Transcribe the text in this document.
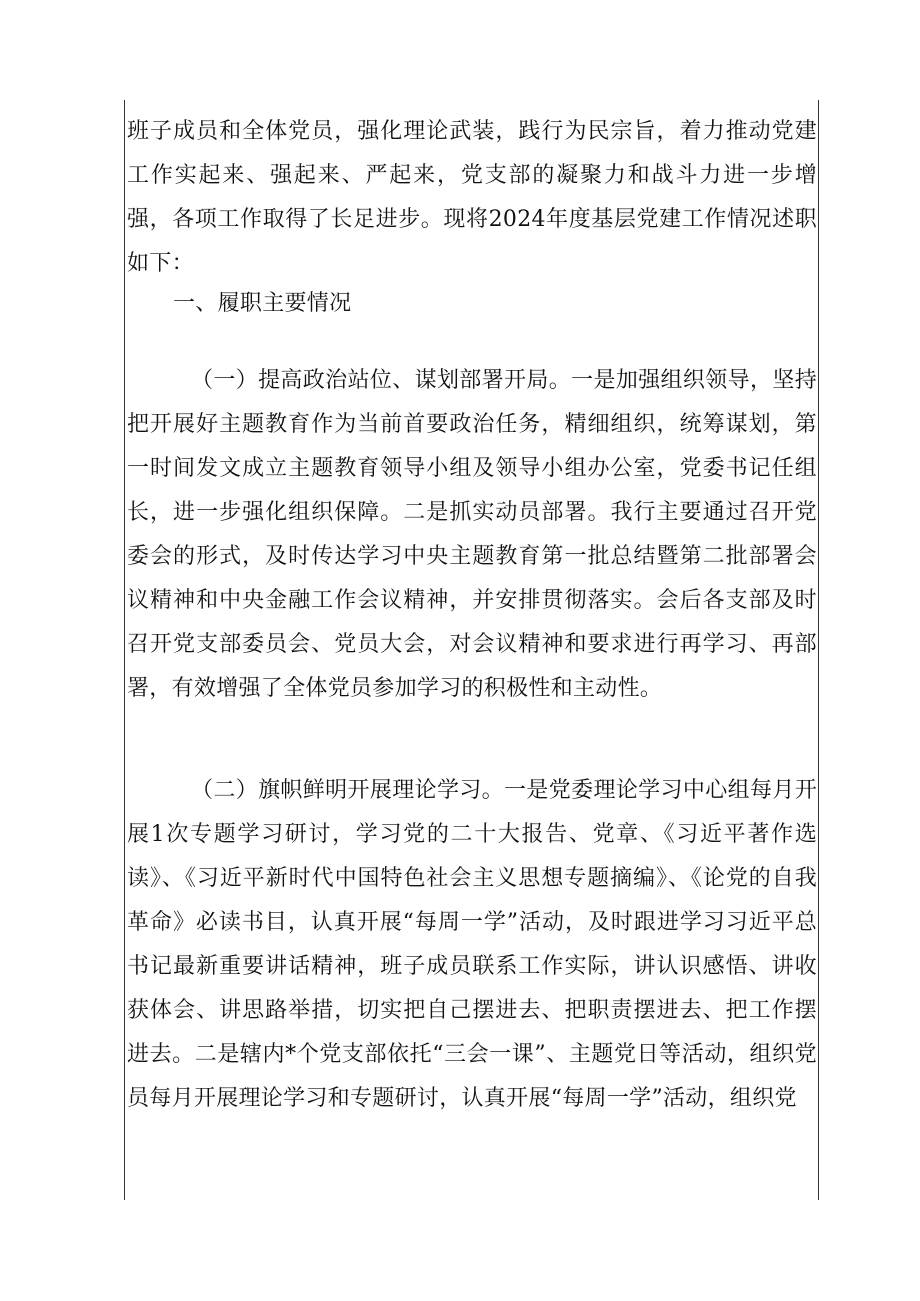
班子成员和全体党员，强化理论武装，践行为民宗旨，着力推动党建工作实起来、强起来、严起来，党支部的凝聚力和战斗力进一步增强，各项工作取得了长足进步。现将2024年度基层党建工作情况述职如下：

一、履职主要情况

（一）提高政治站位、谋划部署开局。一是加强组织领导，坚持把开展好主题教育作为当前首要政治任务，精细组织，统筹谋划，第一时间发文成立主题教育领导小组及领导小组办公室，党委书记任组长，进一步强化组织保障。二是抓实动员部署。我行主要通过召开党委会的形式，及时传达学习中央主题教育第一批总结暨第二批部署会议精神和中央金融工作会议精神，并安排贯彻落实。会后各支部及时召开党支部委员会、党员大会，对会议精神和要求进行再学习、再部署，有效增强了全体党员参加学习的积极性和主动性。

（二）旗帜鲜明开展理论学习。一是党委理论学习中心组每月开展1次专题学习研讨，学习党的二十大报告、党章、《习近平著作选读》、《习近平新时代中国特色社会主义思想专题摘编》、《论党的自我革命》必读书目，认真开展“每周一学”活动，及时跟进学习习近平总书记最新重要讲话精神，班子成员联系工作实际，讲认识感悟、讲收获体会、讲思路举措，切实把自己摆进去、把职责摆进去、把工作摆进去。二是辖内*个党支部依托“三会一课”、主题党日等活动，组织党员每月开展理论学习和专题研讨，认真开展“每周一学”活动，组织党
